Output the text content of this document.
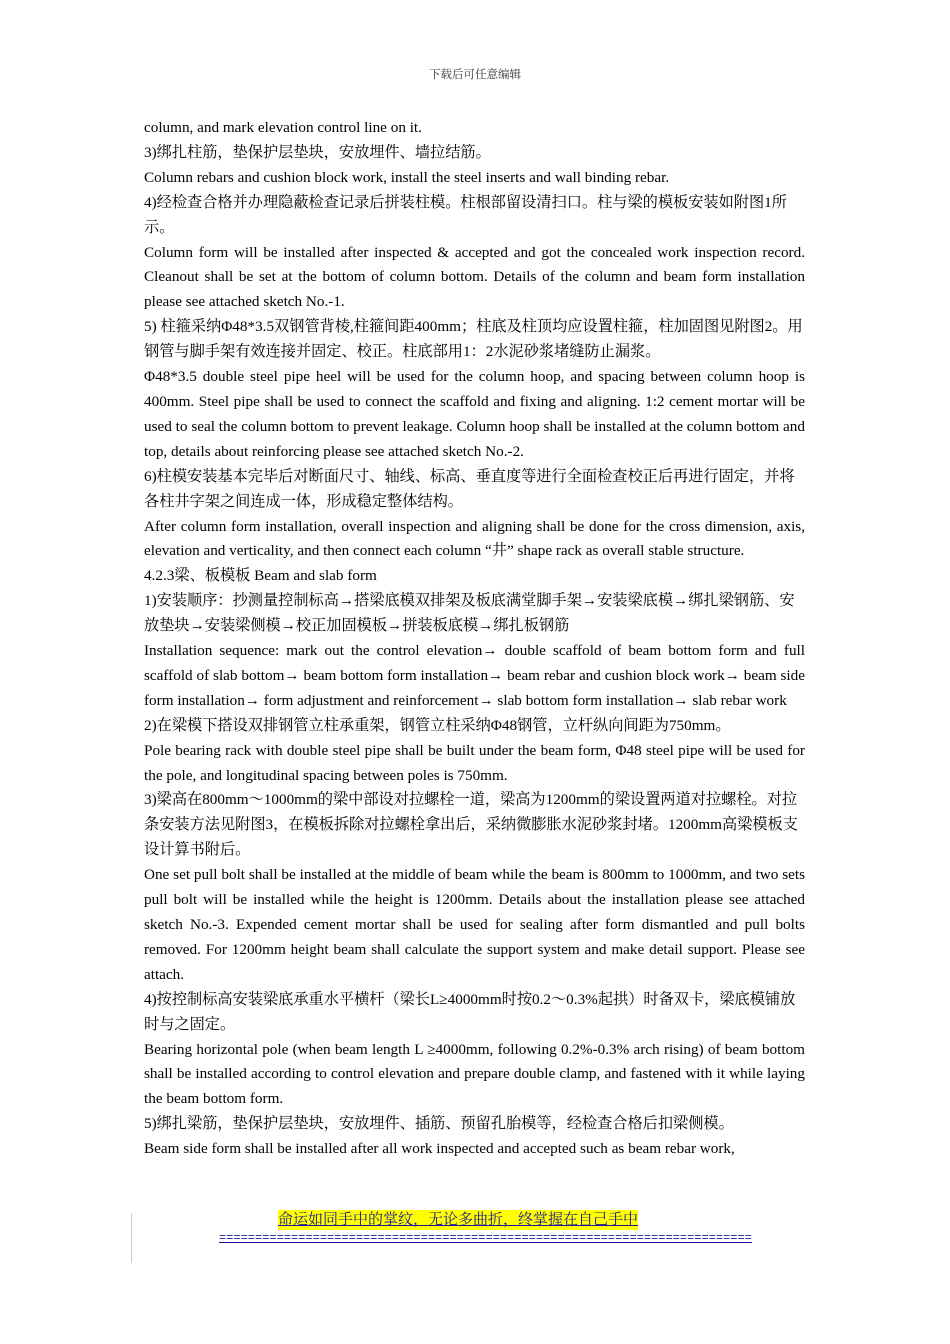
下载后可任意编辑

column, and mark elevation control line on it.

3)绑扎柱筋，垫保护层垫块，安放埋件、墙拉结筋。

Column rebars and cushion block work, install the steel inserts and wall binding rebar.

4)经检查合格并办理隐蔽检查记录后拼装柱模。柱根部留设清扫口。柱与梁的模板安装如附图1所示。

Column form will be installed after inspected & accepted and got the concealed work inspection record. Cleanout shall be set at the bottom of column bottom. Details of the column and beam form installation please see attached sketch No.-1.

5) 柱箍采纳Φ48*3.5双钢管背棱,柱箍间距400mm；柱底及柱顶均应设置柱箍，柱加固图见附图2。用钢管与脚手架有效连接并固定、校正。柱底部用1：2水泥砂浆堵缝防止漏浆。

Φ48*3.5 double steel pipe heel will be used for the column hoop, and spacing between column hoop is 400mm. Steel pipe shall be used to connect the scaffold and fixing and aligning. 1:2 cement mortar will be used to seal the column bottom to prevent leakage. Column hoop shall be installed at the column bottom and top, details about reinforcing please see attached sketch No.-2.

6)柱模安装基本完毕后对断面尺寸、轴线、标高、垂直度等进行全面检查校正后再进行固定，并将各柱井字架之间连成一体，形成稳定整体结构。

After column form installation, overall inspection and aligning shall be done for the cross dimension, axis, elevation and verticality, and then connect each column “井” shape rack as overall stable structure.

4.2.3梁、板模板 Beam and slab form

1)安装顺序：抄测量控制标高→搭梁底模双排架及板底满堂脚手架→安装梁底模→绑扎梁钢筋、安放垫块→安装梁侧模→校正加固模板→拼装板底模→绑扎板钢筋

Installation sequence: mark out the control elevation→ double scaffold of beam bottom form and full scaffold of slab bottom→ beam bottom form installation→ beam rebar and cushion block work→ beam side form installation→ form adjustment and reinforcement→ slab bottom form installation→ slab rebar work

2)在梁模下搭设双排钢管立柱承重架，钢管立柱采纳Φ48钢管，立杆纵向间距为750mm。

Pole bearing rack with double steel pipe shall be built under the beam form, Φ48 steel pipe will be used for the pole, and longitudinal spacing between poles is 750mm.

3)梁高在800mm～1000mm的梁中部设对拉螺栓一道，梁高为1200mm的梁设置两道对拉螺栓。对拉条安装方法见附图3，在模板拆除对拉螺栓拿出后，采纳微膨胀水泥砂浆封堵。1200mm高梁模板支设计算书附后。

One set pull bolt shall be installed at the middle of beam while the beam is 800mm to 1000mm, and two sets pull bolt will be installed while the height is 1200mm. Details about the installation please see attached sketch No.-3. Expended cement mortar shall be used for sealing after form dismantled and pull bolts removed. For 1200mm height beam shall calculate the support system and make detail support. Please see attach.

4)按控制标高安装梁底承重水平横杆（梁长L≥4000mm时按0.2～0.3%起拱）时备双卡，梁底模铺放时与之固定。

Bearing horizontal pole (when beam length L ≥4000mm, following 0.2%-0.3% arch rising) of beam bottom shall be installed according to control elevation and prepare double clamp, and fastened with it while laying the beam bottom form.

5)绑扎梁筋，垫保护层垫块，安放埋件、插筋、预留孔胎模等，经检查合格后扣梁侧模。

Beam side form shall be installed after all work inspected and accepted such as beam rebar work,

命运如同手中的掌纹，无论多曲折，终掌握在自己手中
==========================================================================
